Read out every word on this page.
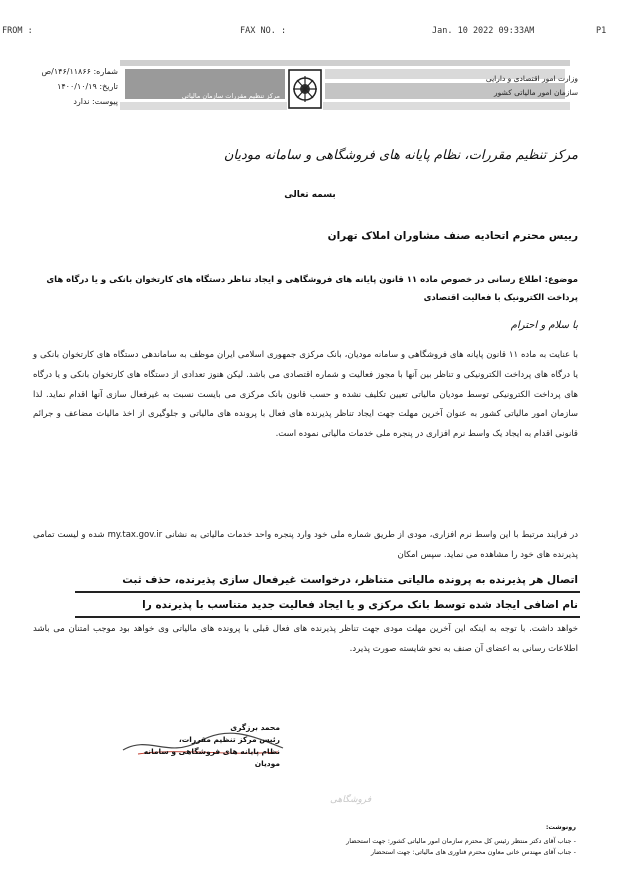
FROM :	FAX NO. :	Jan. 10 2022 09:33AM	P1
شماره: ۱۴۶/۱۱۸۶۶/ص
تاریخ: ۱۴۰۰/۱۰/۱۹
پیوست: ندارد
مرکز تنظیم مقررات سازمان مالیاتی
وزارت امور اقتصادی و دارایی
سازمان امور مالیاتی کشور
مرکز تنظیم مقررات، نظام پایانه های فروشگاهی و سامانه مودیان
بسمه تعالی
رییس محترم اتحادیه صنف مشاوران املاک تهران
موضوع: اطلاع رسانی در خصوص ماده ۱۱ قانون پایانه های فروشگاهی و ایجاد تناظر دستگاه های کارتخوان بانکی و یا درگاه های پرداخت الکترونیک با فعالیت اقتصادی
با سلام و احترام
با عنایت به ماده ۱۱ قانون پایانه های فروشگاهی و سامانه مودیان، بانک مرکزی جمهوری اسلامی ایران موظف به ساماندهی دستگاه های کارتخوان بانکی و یا درگاه های پرداخت الکترونیکی و تناظر بین آنها با مجوز فعالیت و شماره اقتصادی می باشد. لیکن هنوز تعدادی از دستگاه های کارتخوان بانکی و یا درگاه های پرداخت الکترونیکی توسط مودیان مالیاتی تعیین تکلیف نشده و حسب قانون بانک مرکزی می بایست نسبت به غیرفعال سازی آنها اقدام نماید. لذا سازمان امور مالیاتی کشور به عنوان آخرین مهلت جهت ایجاد تناظر پذیرنده های فعال با پرونده های مالیاتی و جلوگیری از اخذ مالیات مضاعف و جرائم قانونی اقدام به ایجاد یک واسط نرم افزاری در پنجره ملی خدمات مالیاتی نموده است.
در فرایند مرتبط با این واسط نرم افزاری، مودی از طریق شماره ملی خود وارد پنجره واحد خدمات مالیاتی به نشانی my.tax.gov.ir شده و لیست تمامی پذیرنده های خود را مشاهده می نماید. سپس امکان
اتصال هر پذیرنده به پرونده مالیاتی متناظر، درخواست غیرفعال سازی پذیرنده، حذف ثبت
نام اضافی ایجاد شده توسط بانک مرکزی و یا ایجاد فعالیت جدید متناسب با پذیرنده را
خواهد داشت. با توجه به اینکه این آخرین مهلت مودی جهت تناظر پذیرنده های فعال قبلی با پرونده های مالیاتی وی خواهد بود موجب امتنان می باشد اطلاعات رسانی به اعضای آن صنف به نحو شایسته صورت پذیرد.
محمد برزگری
رئیس مرکز تنظیم مقررات،
نظام پایانه های فروشگاهی و سامانه مودیان
فروشگاهی
رونوشت:
- جناب آقای دکتر منتظر رئیس کل محترم سازمان امور مالیاتی کشور: جهت استحضار
- جناب آقای مهندس خانی معاون محترم فناوری های مالیاتی: جهت استحضار
